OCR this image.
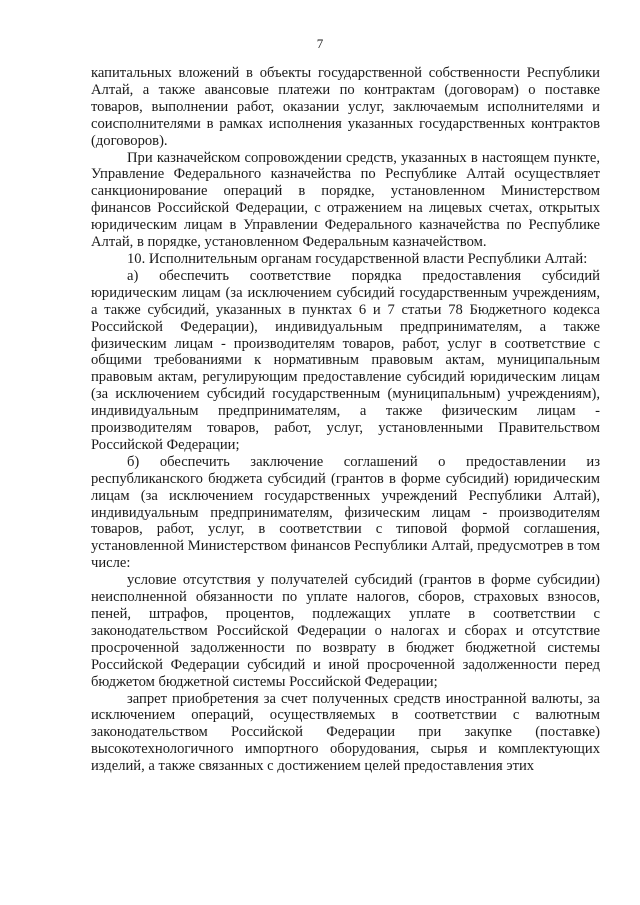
7

капитальных вложений в объекты государственной собственности Республики Алтай, а также авансовые платежи по контрактам (договорам) о поставке товаров, выполнении работ, оказании услуг, заключаемым исполнителями и соисполнителями в рамках исполнения указанных государственных контрактов (договоров).

При казначейском сопровождении средств, указанных в настоящем пункте, Управление Федерального казначейства по Республике Алтай осуществляет санкционирование операций в порядке, установленном Министерством финансов Российской Федерации, с отражением на лицевых счетах, открытых юридическим лицам в Управлении Федерального казначейства по Республике Алтай, в порядке, установленном Федеральным казначейством.

10. Исполнительным органам государственной власти Республики Алтай:

а) обеспечить соответствие порядка предоставления субсидий юридическим лицам (за исключением субсидий государственным учреждениям, а также субсидий, указанных в пунктах 6 и 7 статьи 78 Бюджетного кодекса Российской Федерации), индивидуальным предпринимателям, а также физическим лицам - производителям товаров, работ, услуг в соответствие с общими требованиями к нормативным правовым актам, муниципальным правовым актам, регулирующим предоставление субсидий юридическим лицам (за исключением субсидий государственным (муниципальным) учреждениям), индивидуальным предпринимателям, а также физическим лицам - производителям товаров, работ, услуг, установленными Правительством Российской Федерации;

б) обеспечить заключение соглашений о предоставлении из республиканского бюджета субсидий (грантов в форме субсидий) юридическим лицам (за исключением государственных учреждений Республики Алтай), индивидуальным предпринимателям, физическим лицам - производителям товаров, работ, услуг, в соответствии с типовой формой соглашения, установленной Министерством финансов Республики Алтай, предусмотрев в том числе:

условие отсутствия у получателей субсидий (грантов в форме субсидии) неисполненной обязанности по уплате налогов, сборов, страховых взносов, пеней, штрафов, процентов, подлежащих уплате в соответствии с законодательством Российской Федерации о налогах и сборах и отсутствие просроченной задолженности по возврату в бюджет бюджетной системы Российской Федерации субсидий и иной просроченной задолженности перед бюджетом бюджетной системы Российской Федерации;

запрет приобретения за счет полученных средств иностранной валюты, за исключением операций, осуществляемых в соответствии с валютным законодательством Российской Федерации при закупке (поставке) высокотехнологичного импортного оборудования, сырья и комплектующих изделий, а также связанных с достижением целей предоставления этих
